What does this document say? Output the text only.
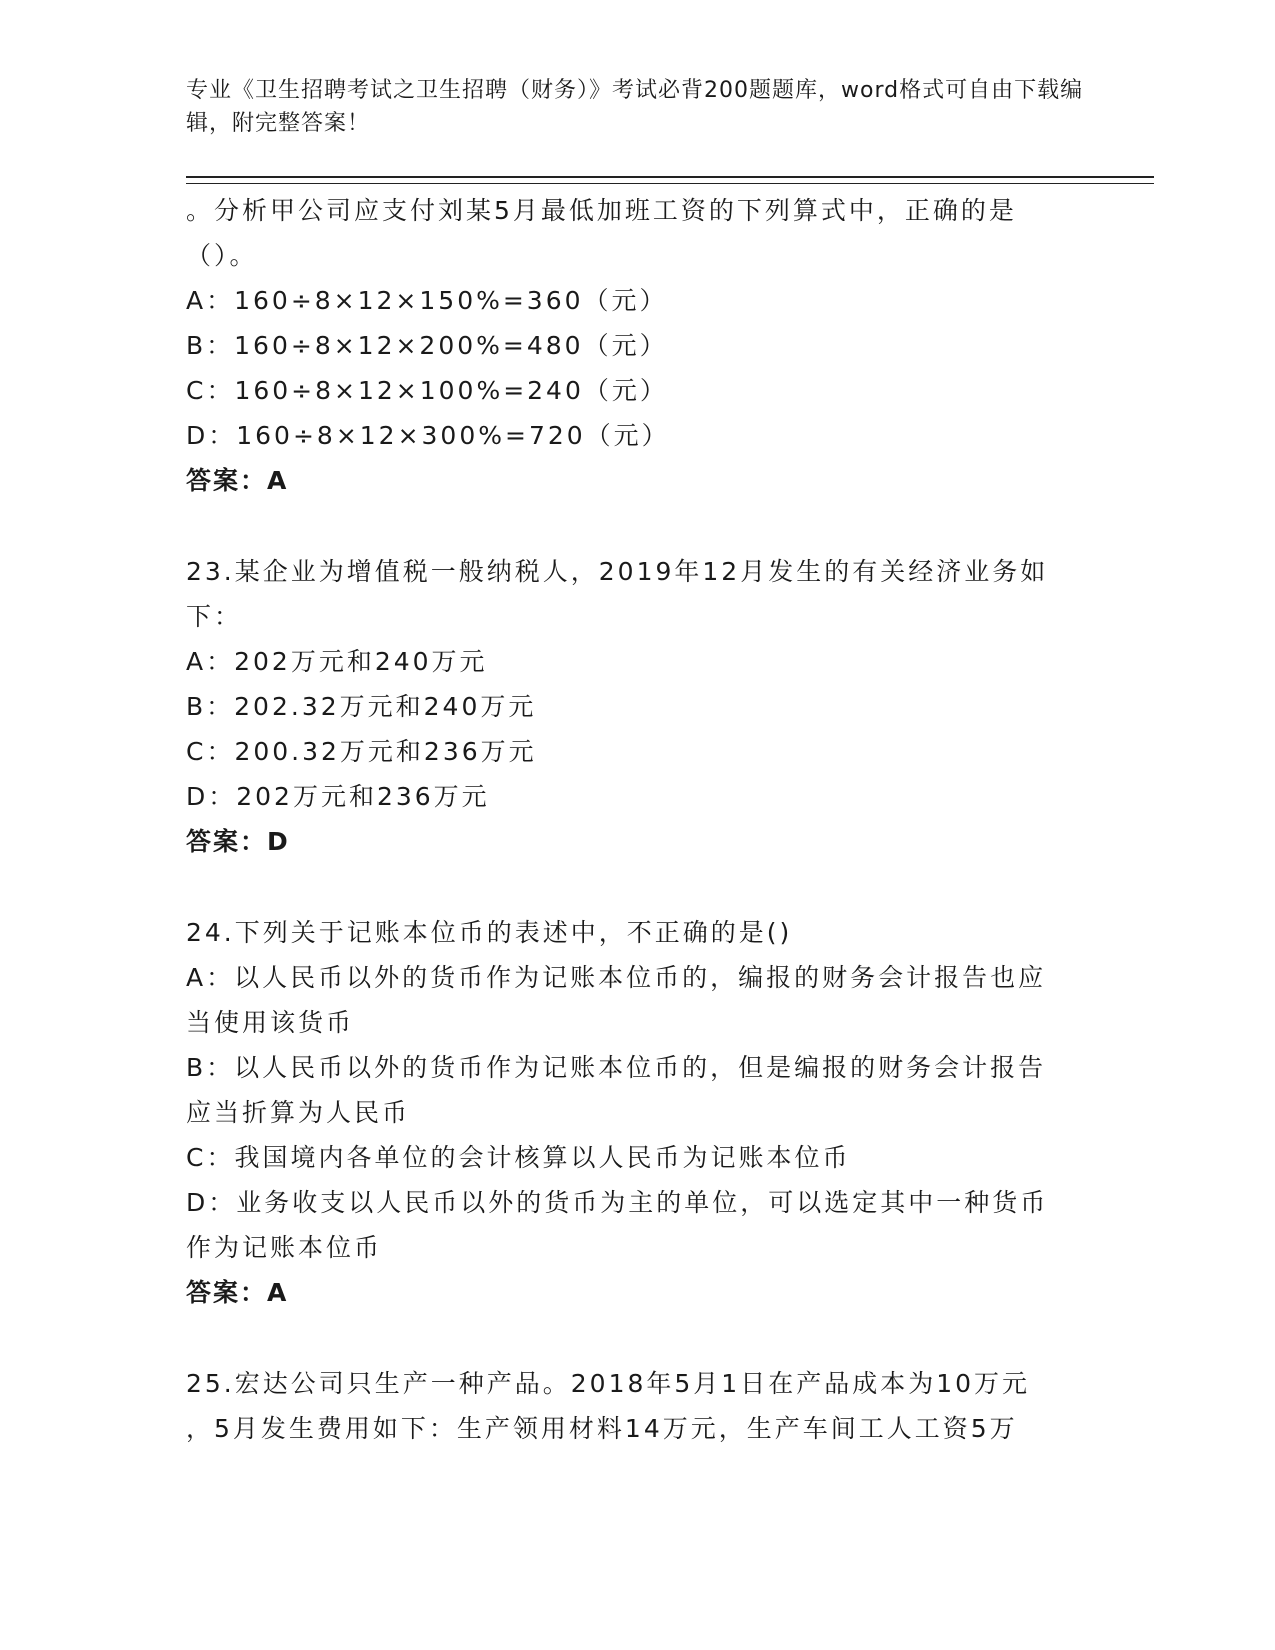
专业《卫生招聘考试之卫生招聘（财务）》考试必背200题题库，word格式可自由下载编辑，附完整答案！
。分析甲公司应支付刘某5月最低加班工资的下列算式中，正确的是
（）。
A：160÷8×12×150%=360（元）
B：160÷8×12×200%=480（元）
C：160÷8×12×100%=240（元）
D：160÷8×12×300%=720（元）
答案：A
23.某企业为增值税一般纳税人，2019年12月发生的有关经济业务如
下：
A：202万元和240万元
B：202.32万元和240万元
C：200.32万元和236万元
D：202万元和236万元
答案：D
24.下列关于记账本位币的表述中，不正确的是()
A：以人民币以外的货币作为记账本位币的，编报的财务会计报告也应
当使用该货币
B：以人民币以外的货币作为记账本位币的，但是编报的财务会计报告
应当折算为人民币
C：我国境内各单位的会计核算以人民币为记账本位币
D：业务收支以人民币以外的货币为主的单位，可以选定其中一种货币
作为记账本位币
答案：A
25.宏达公司只生产一种产品。2018年5月1日在产品成本为10万元
，5月发生费用如下：生产领用材料14万元，生产车间工人工资5万
